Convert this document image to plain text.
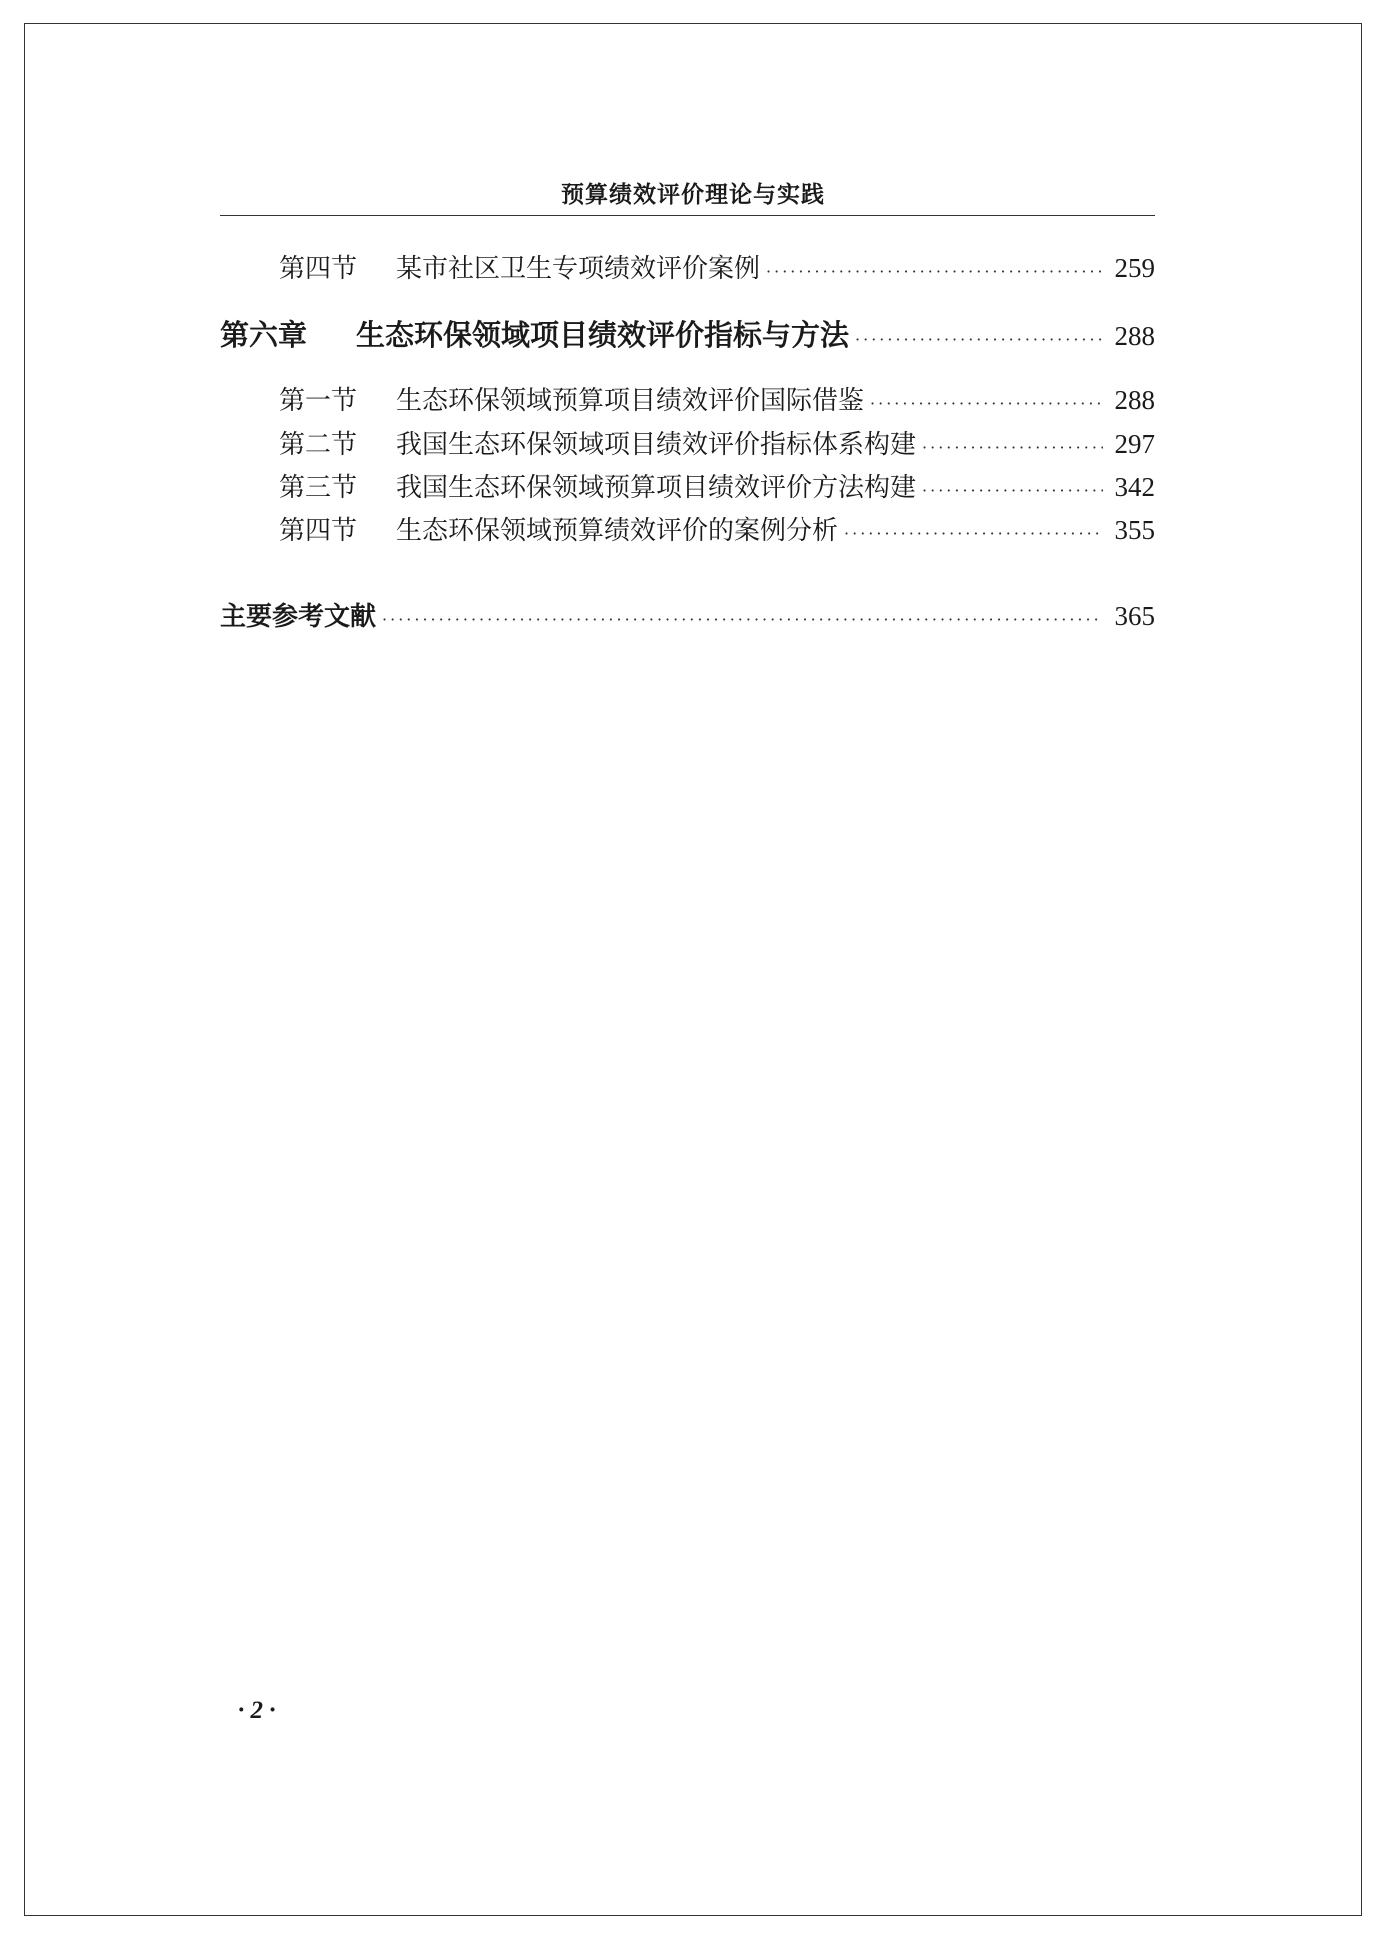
预算绩效评价理论与实践
第四节	某市社区卫生专项绩效评价案例 ·····	259
第六章	生态环保领域项目绩效评价指标与方法 ·····	288
第一节	生态环保领域预算项目绩效评价国际借鉴 ·····	288
第二节	我国生态环保领域项目绩效评价指标体系构建 ·····	297
第三节	我国生态环保领域预算项目绩效评价方法构建 ·····	342
第四节	生态环保领域预算绩效评价的案例分析 ·····	355
主要参考文献 ·····	365
· 2 ·
